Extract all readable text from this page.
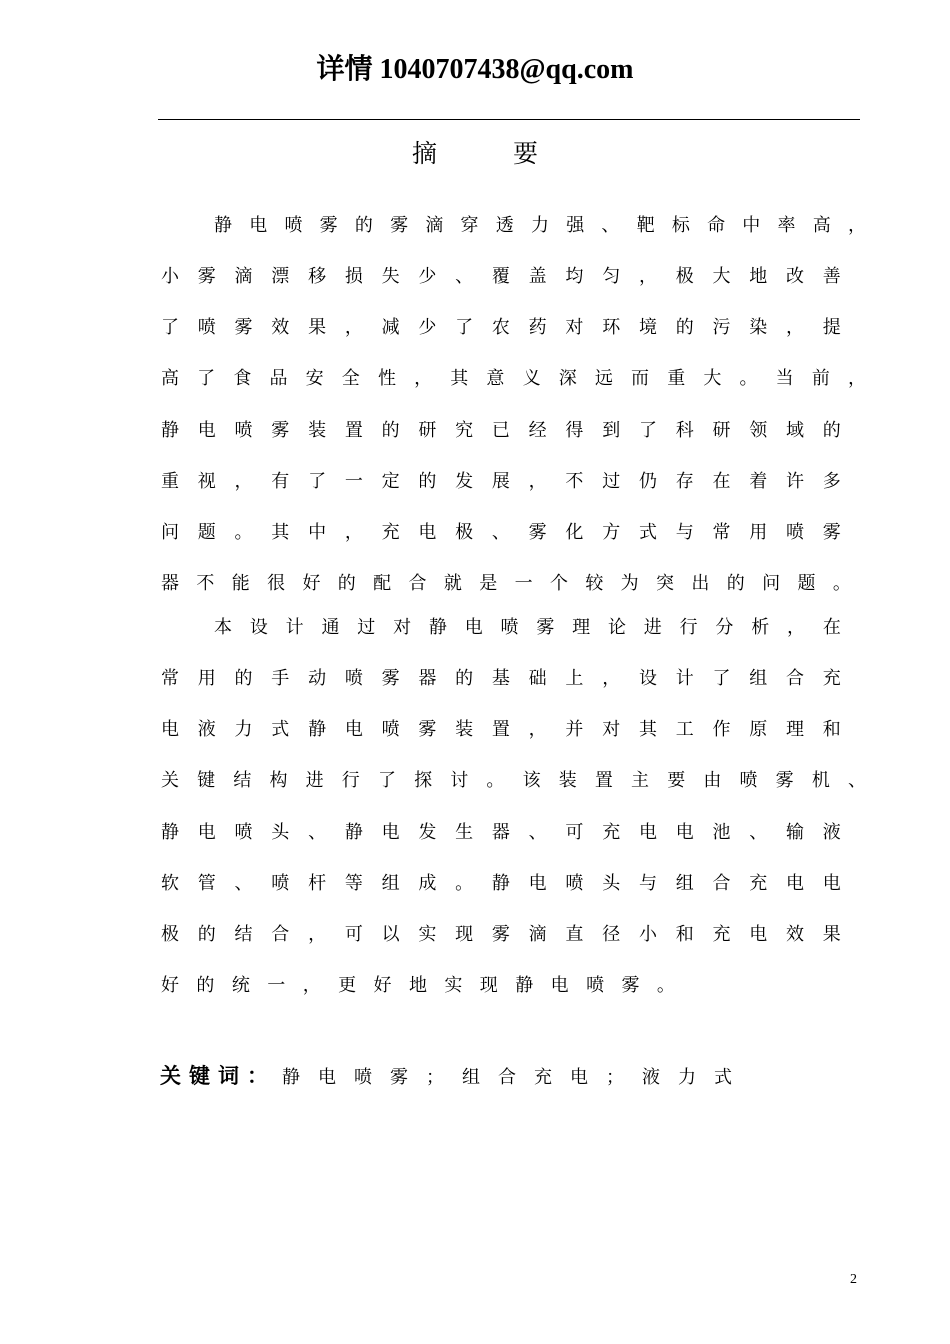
详情 1040707438@qq.com
摘要
静 电 喷 雾 的 雾 滴 穿 透 力 强 、 靶 标 命 中 率 高 ，
小 雾 滴 漂 移 损 失 少 、 覆 盖 均 匀 ， 极 大 地 改 善
了 喷 雾 效 果 ， 减 少 了 农 药 对 环 境 的 污 染 ， 提
高 了 食 品 安 全 性 ， 其 意 义 深 远 而 重 大 。 当 前 ，
静 电 喷 雾 装 置 的 研 究 已 经 得 到 了 科 研 领 域 的
重 视 ， 有 了 一 定 的 发 展 ， 不 过 仍 存 在 着 许 多
问 题 。 其 中 ， 充 电 极 、 雾 化 方 式 与 常 用 喷 雾
器 不 能 很 好 的 配 合 就 是 一 个 较 为 突 出 的 问 题 。
本 设 计 通 过 对 静 电 喷 雾 理 论 进 行 分 析 ， 在
常 用 的 手 动 喷 雾 器 的 基 础 上 ， 设 计 了 组 合 充
电 液 力 式 静 电 喷 雾 装 置 ， 并 对 其 工 作 原 理 和
关 键 结 构 进 行 了 探 讨 。 该 装 置 主 要 由 喷 雾 机 、
静 电 喷 头 、 静 电 发 生 器 、 可 充 电 电 池 、 输 液
软 管 、 喷 杆 等 组 成 。 静 电 喷 头 与 组 合 充 电 电
极 的 结 合 ， 可 以 实 现 雾 滴 直 径 小 和 充 电 效 果
好 的 统 一 ， 更 好 地 实 现 静 电 喷 雾 。
关键词： 静电喷雾；组合充电；液力式
2
